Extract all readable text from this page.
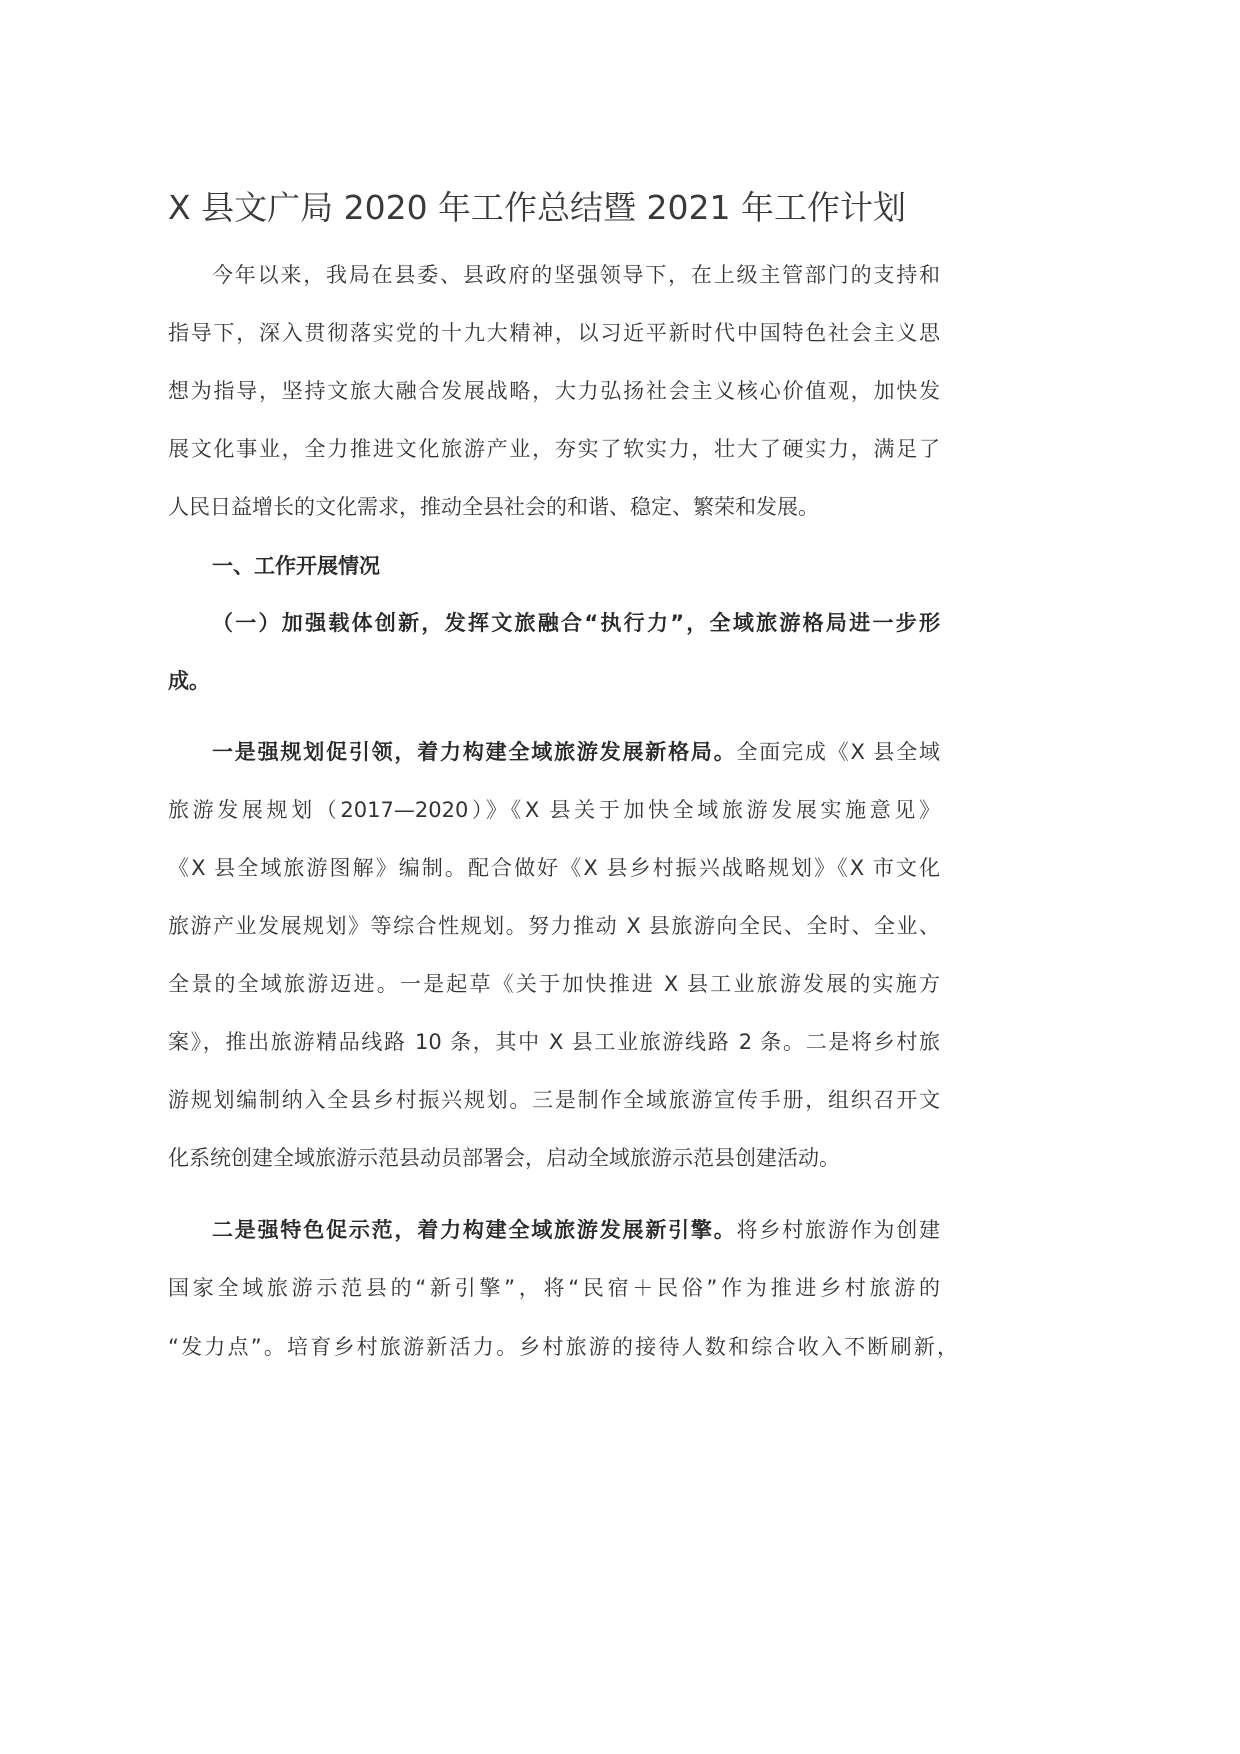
X 县文广局 2020 年工作总结暨 2021 年工作计划
今年以来，我局在县委、县政府的坚强领导下，在上级主管部门的支持和
指导下，深入贯彻落实党的十九大精神，以习近平新时代中国特色社会主义思
想为指导，坚持文旅大融合发展战略，大力弘扬社会主义核心价值观，加快发
展文化事业，全力推进文化旅游产业，夯实了软实力，壮大了硬实力，满足了
人民日益增长的文化需求，推动全县社会的和谐、稳定、繁荣和发展。
一、工作开展情况
（一）加强载体创新，发挥文旅融合“执行力”，全域旅游格局进一步形
成。
一是强规划促引领，着力构建全域旅游发展新格局。全面完成《X 县全域
旅游发展规划（2017—2020）》《X 县关于加快全域旅游发展实施意见》
《X 县全域旅游图解》编制。配合做好《X 县乡村振兴战略规划》《X 市文化
旅游产业发展规划》等综合性规划。努力推动 X 县旅游向全民、全时、全业、
全景的全域旅游迈进。一是起草《关于加快推进 X 县工业旅游发展的实施方
案》，推出旅游精品线路 10 条，其中 X 县工业旅游线路 2 条。二是将乡村旅
游规划编制纳入全县乡村振兴规划。三是制作全域旅游宣传手册，组织召开文
化系统创建全域旅游示范县动员部署会，启动全域旅游示范县创建活动。
二是强特色促示范，着力构建全域旅游发展新引擎。将乡村旅游作为创建
国家全域旅游示范县的“新引擎”，将“民宿＋民俗”作为推进乡村旅游的
“发力点”。培育乡村旅游新活力。乡村旅游的接待人数和综合收入不断刷新，
